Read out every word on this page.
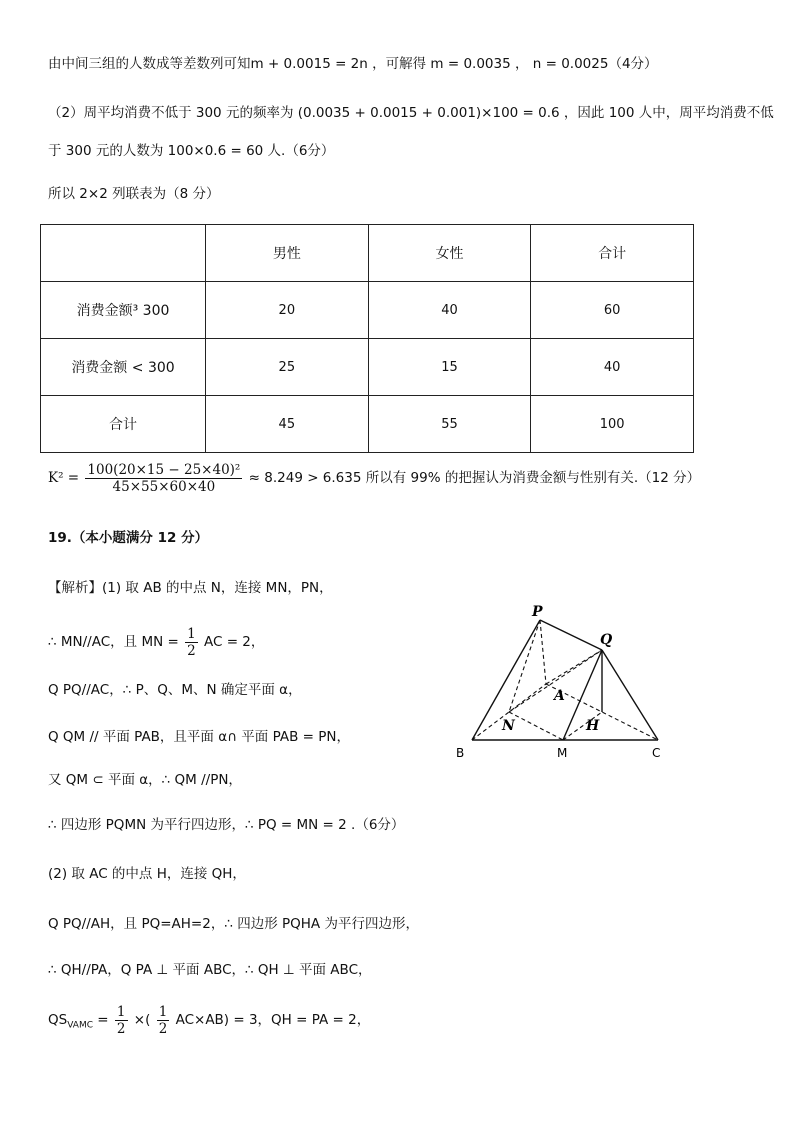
由中间三组的人数成等差数列可知m + 0.0015 = 2n ，可解得 m = 0.0035 ， n = 0.0025（4分）
（2）周平均消费不低于 300 元的频率为 (0.0035 + 0.0015 + 0.001)×100 = 0.6 ，因此 100 人中，周平均消费不低
于 300 元的人数为 100×0.6 = 60 人.（6分）
所以 2×2 列联表为（8 分）
	男性	女性	合计
消费金额³ 300	20	40	60
消费金额 < 300	25	15	40
合计	45	55	100
$K^2 = \frac{\text{100(20×15 − 25×40)²}}{45\times 55\times 60\times 40} \approx 8.249 > 6.635$ 所以有 99% 的把握认为消费金额与性别有关.（12 分）
19.（本小题满分 12 分）
【解析】(1) 取 AB 的中点 N，连接 MN，PN，
∴ MN//AC，且 MN = $\frac{1}{2}$ AC = 2，
Q PQ//AC，∴ P、Q、M、N 确定平面 α，
Q QM // 平面 PAB，且平面 α∩ 平面 PAB = PN，
又 QM ⊂ 平面 α，∴ QM //PN，
∴ 四边形 PQMN 为平行四边形，∴ PQ = MN = 2 .（6分）
(2) 取 AC 的中点 H，连接 QH，
Q PQ//AH，且 PQ=AH=2，∴ 四边形 PQHA 为平行四边形，
∴ QH//PA，Q PA ⊥ 平面 ABC，∴ QH ⊥ 平面 ABC，
$QS_{VAMC} = \frac{1}{2}$ ×( $\frac{1}{2} AC\times AB) = 3$，QH = PA = 2，
P
Q
A
N	H
B	M	C
